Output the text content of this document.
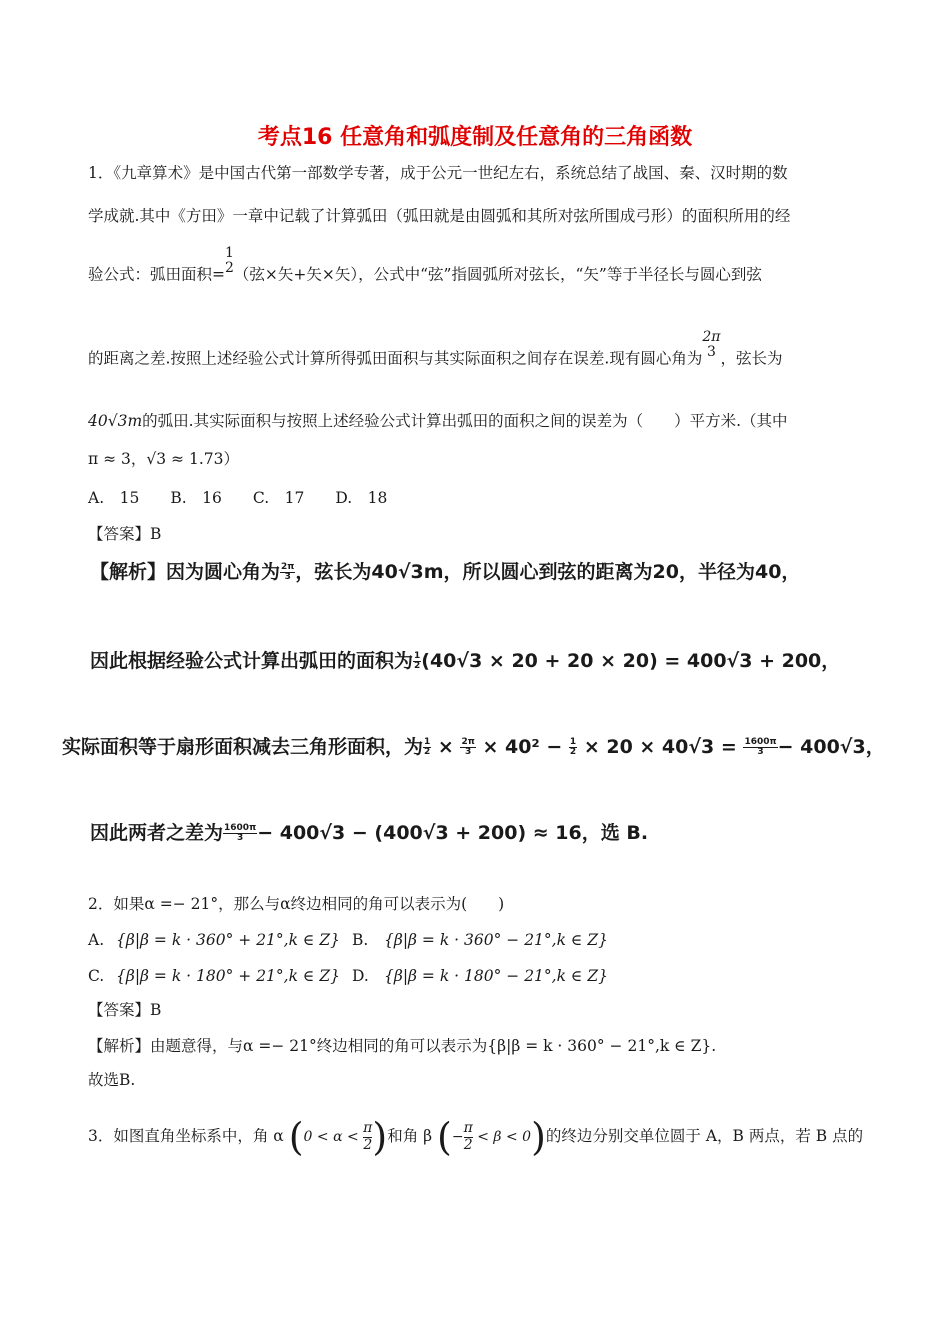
考点16 任意角和弧度制及任意角的三角函数
1．《九章算术》是中国古代第一部数学专著，成于公元一世纪左右，系统总结了战国、秦、汉时期的数
学成就.其中《方田》一章中记载了计算弧田（弧田就是由圆弧和其所对弦所围成弓形）的面积所用的经
验公式：弧田面积=
1
2 （弦×矢+矢×矢），公式中“弦”指圆弧所对弦长，“矢”等于半径长与圆心到弦
的距离之差.按照上述经验公式计算所得弧田面积与其实际面积之间存在误差.现有圆心角为
2π
3 ，弦长为
40√3m的弧田.其实际面积与按照上述经验公式计算出弧田的面积之间的误差为（　　）平方米.（其中
π ≈ 3，√3 ≈ 1.73）
A.　15　　B.　16　　C.　17　　D.　18
【答案】B
【解析】因为圆心角为 $\frac{2\pi}{3}$ ，弦长为40√3m，所以圆心到弦的距离为20，半径为40，
因此根据经验公式计算出弧田的面积为 $\frac{1}{2} (40√3 \times 20 + 20 \times 20) = 400√3 + 200$，
实际面积等于扇形面积减去三角形面积，为 $\frac{1}{2} \times \frac{2\pi}{3} \times 40^2 - \frac{1}{2} \times 20 \times 40√3 = \frac{1600\pi}{3} - 400√3$，
因此两者之差为 $\frac{1600\pi}{3} - 400√3 - (400√3 + 200) \approx 16$，选 B.
2．如果α =− 21°，那么与α终边相同的角可以表示为(　　)
A. {β|β = k · 360° + 21°,k ∈ Z} B. {β|β = k · 360° − 21°,k ∈ Z}
C. {β|β = k · 180° + 21°,k ∈ Z} D. {β|β = k · 180° − 21°,k ∈ Z}
【答案】B
【解析】由题意得，与α =− 21°终边相同的角可以表示为{β|β = k · 360° − 21°,k ∈ Z}.
故选B.
3．如图直角坐标系中，角 α ($0 < \alpha < \frac{\pi}{2}$ )和角 β (− $\frac{\pi}{2} < \beta < 0$)的终边分别交单位圆于 A，B 两点，若 B 点的
